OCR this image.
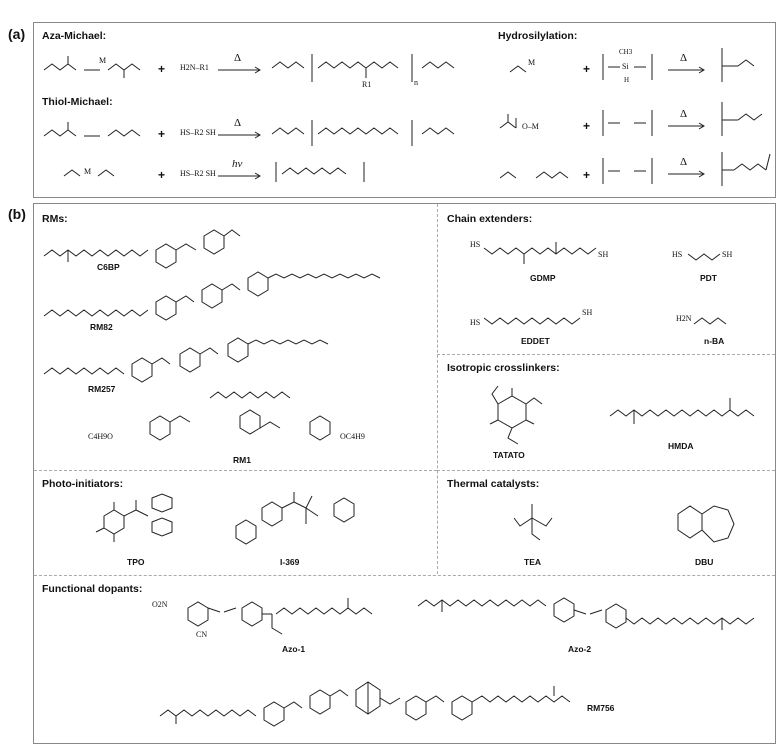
(a) Aza-Michael:
Thiol-Michael:
Hydrosilylation:
M
+ H2N–R1 →
Δ
n
R1
+ HS–R2 SH →
Δ
M	+ HS–R2 SH →
hv
M	+	Si
CH3
H
Δ
O–M	+
Δ
+
Δ
(b) RMs:
C6BP
RM82
RM257
C4H9O	OC4H9
RM1
Chain extenders:
HS
SH
GDMP
HS	SH
PDT
HS
SH
EDDET
H2N
n-BA
Isotropic crosslinkers:
TATATO
HMDA
Photo-initiators:
TPO	I-369
Thermal catalysts:
TEA	DBU
Functional dopants:
O2N
CN
Azo-1	Azo-2
RM756
